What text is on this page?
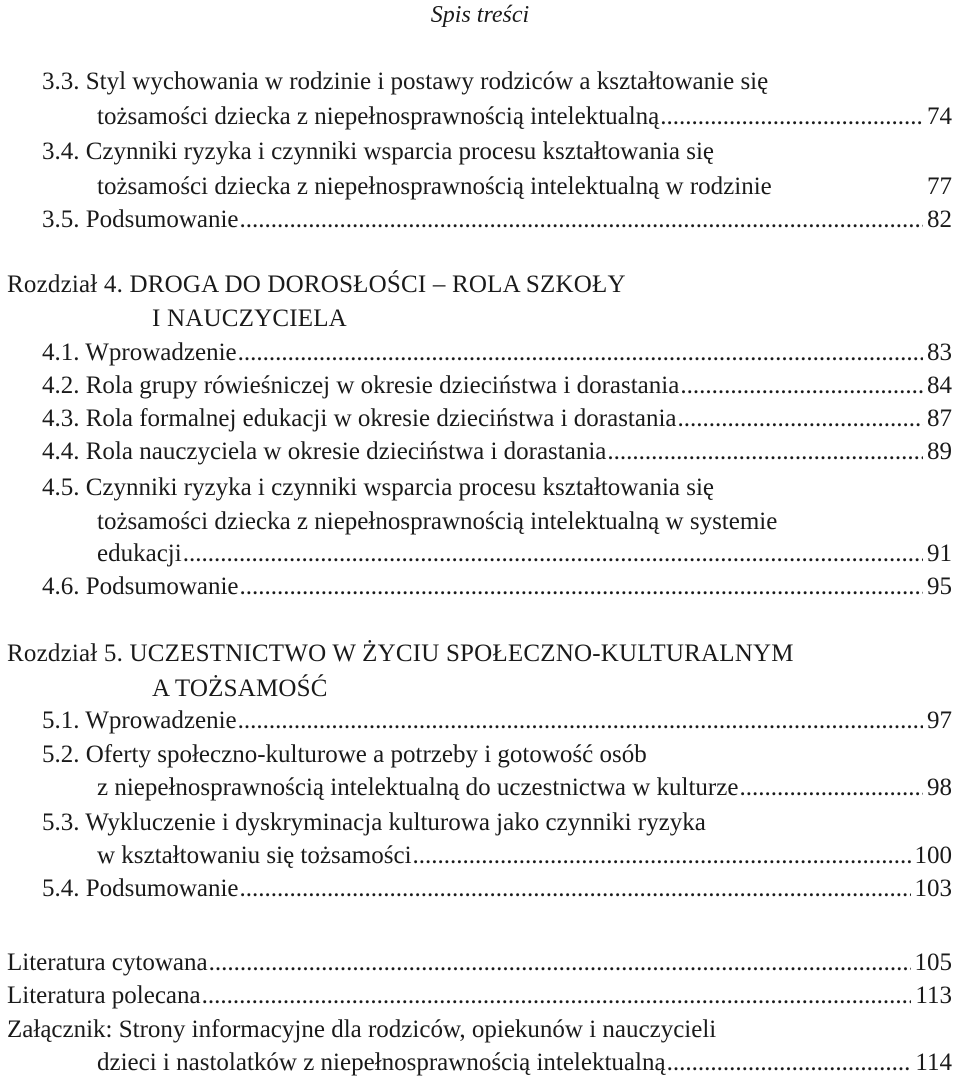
Spis treści
3.3. Styl wychowania w rodzinie i postawy rodziców a kształtowanie się
tożsamości dziecka z niepełnosprawnością intelektualną .....	74
3.4. Czynniki ryzyka i czynniki wsparcia procesu kształtowania się
tożsamości dziecka z niepełnosprawnością intelektualną w rodzinie	77
3.5. Podsumowanie .....	82
Rozdział 4. DROGA DO DOROSŁOŚCI – ROLA SZKOŁY
I NAUCZYCIELA
4.1. Wprowadzenie .....	83
4.2. Rola grupy rówieśniczej w okresie dzieciństwa i dorastania .....	84
4.3. Rola formalnej edukacji w okresie dzieciństwa i dorastania .....	87
4.4. Rola nauczyciela w okresie dzieciństwa i dorastania .....	89
4.5. Czynniki ryzyka i czynniki wsparcia procesu kształtowania się
tożsamości dziecka z niepełnosprawnością intelektualną w systemie
edukacji .....	91
4.6. Podsumowanie .....	95
Rozdział 5. UCZESTNICTWO W ŻYCIU SPOŁECZNO-KULTURALNYM
A TOŻSAMOŚĆ
5.1. Wprowadzenie .....	97
5.2. Oferty społeczno-kulturowe a potrzeby i gotowość osób
z niepełnosprawnością intelektualną do uczestnictwa w kulturze .....	98
5.3. Wykluczenie i dyskryminacja kulturowa jako czynniki ryzyka
w kształtowaniu się tożsamości .....	100
5.4. Podsumowanie .....	103
Literatura cytowana .....	105
Literatura polecana .....	113
Załącznik: Strony informacyjne dla rodziców, opiekunów i nauczycieli
dzieci i nastolatków z niepełnosprawnością intelektualną .....	114
